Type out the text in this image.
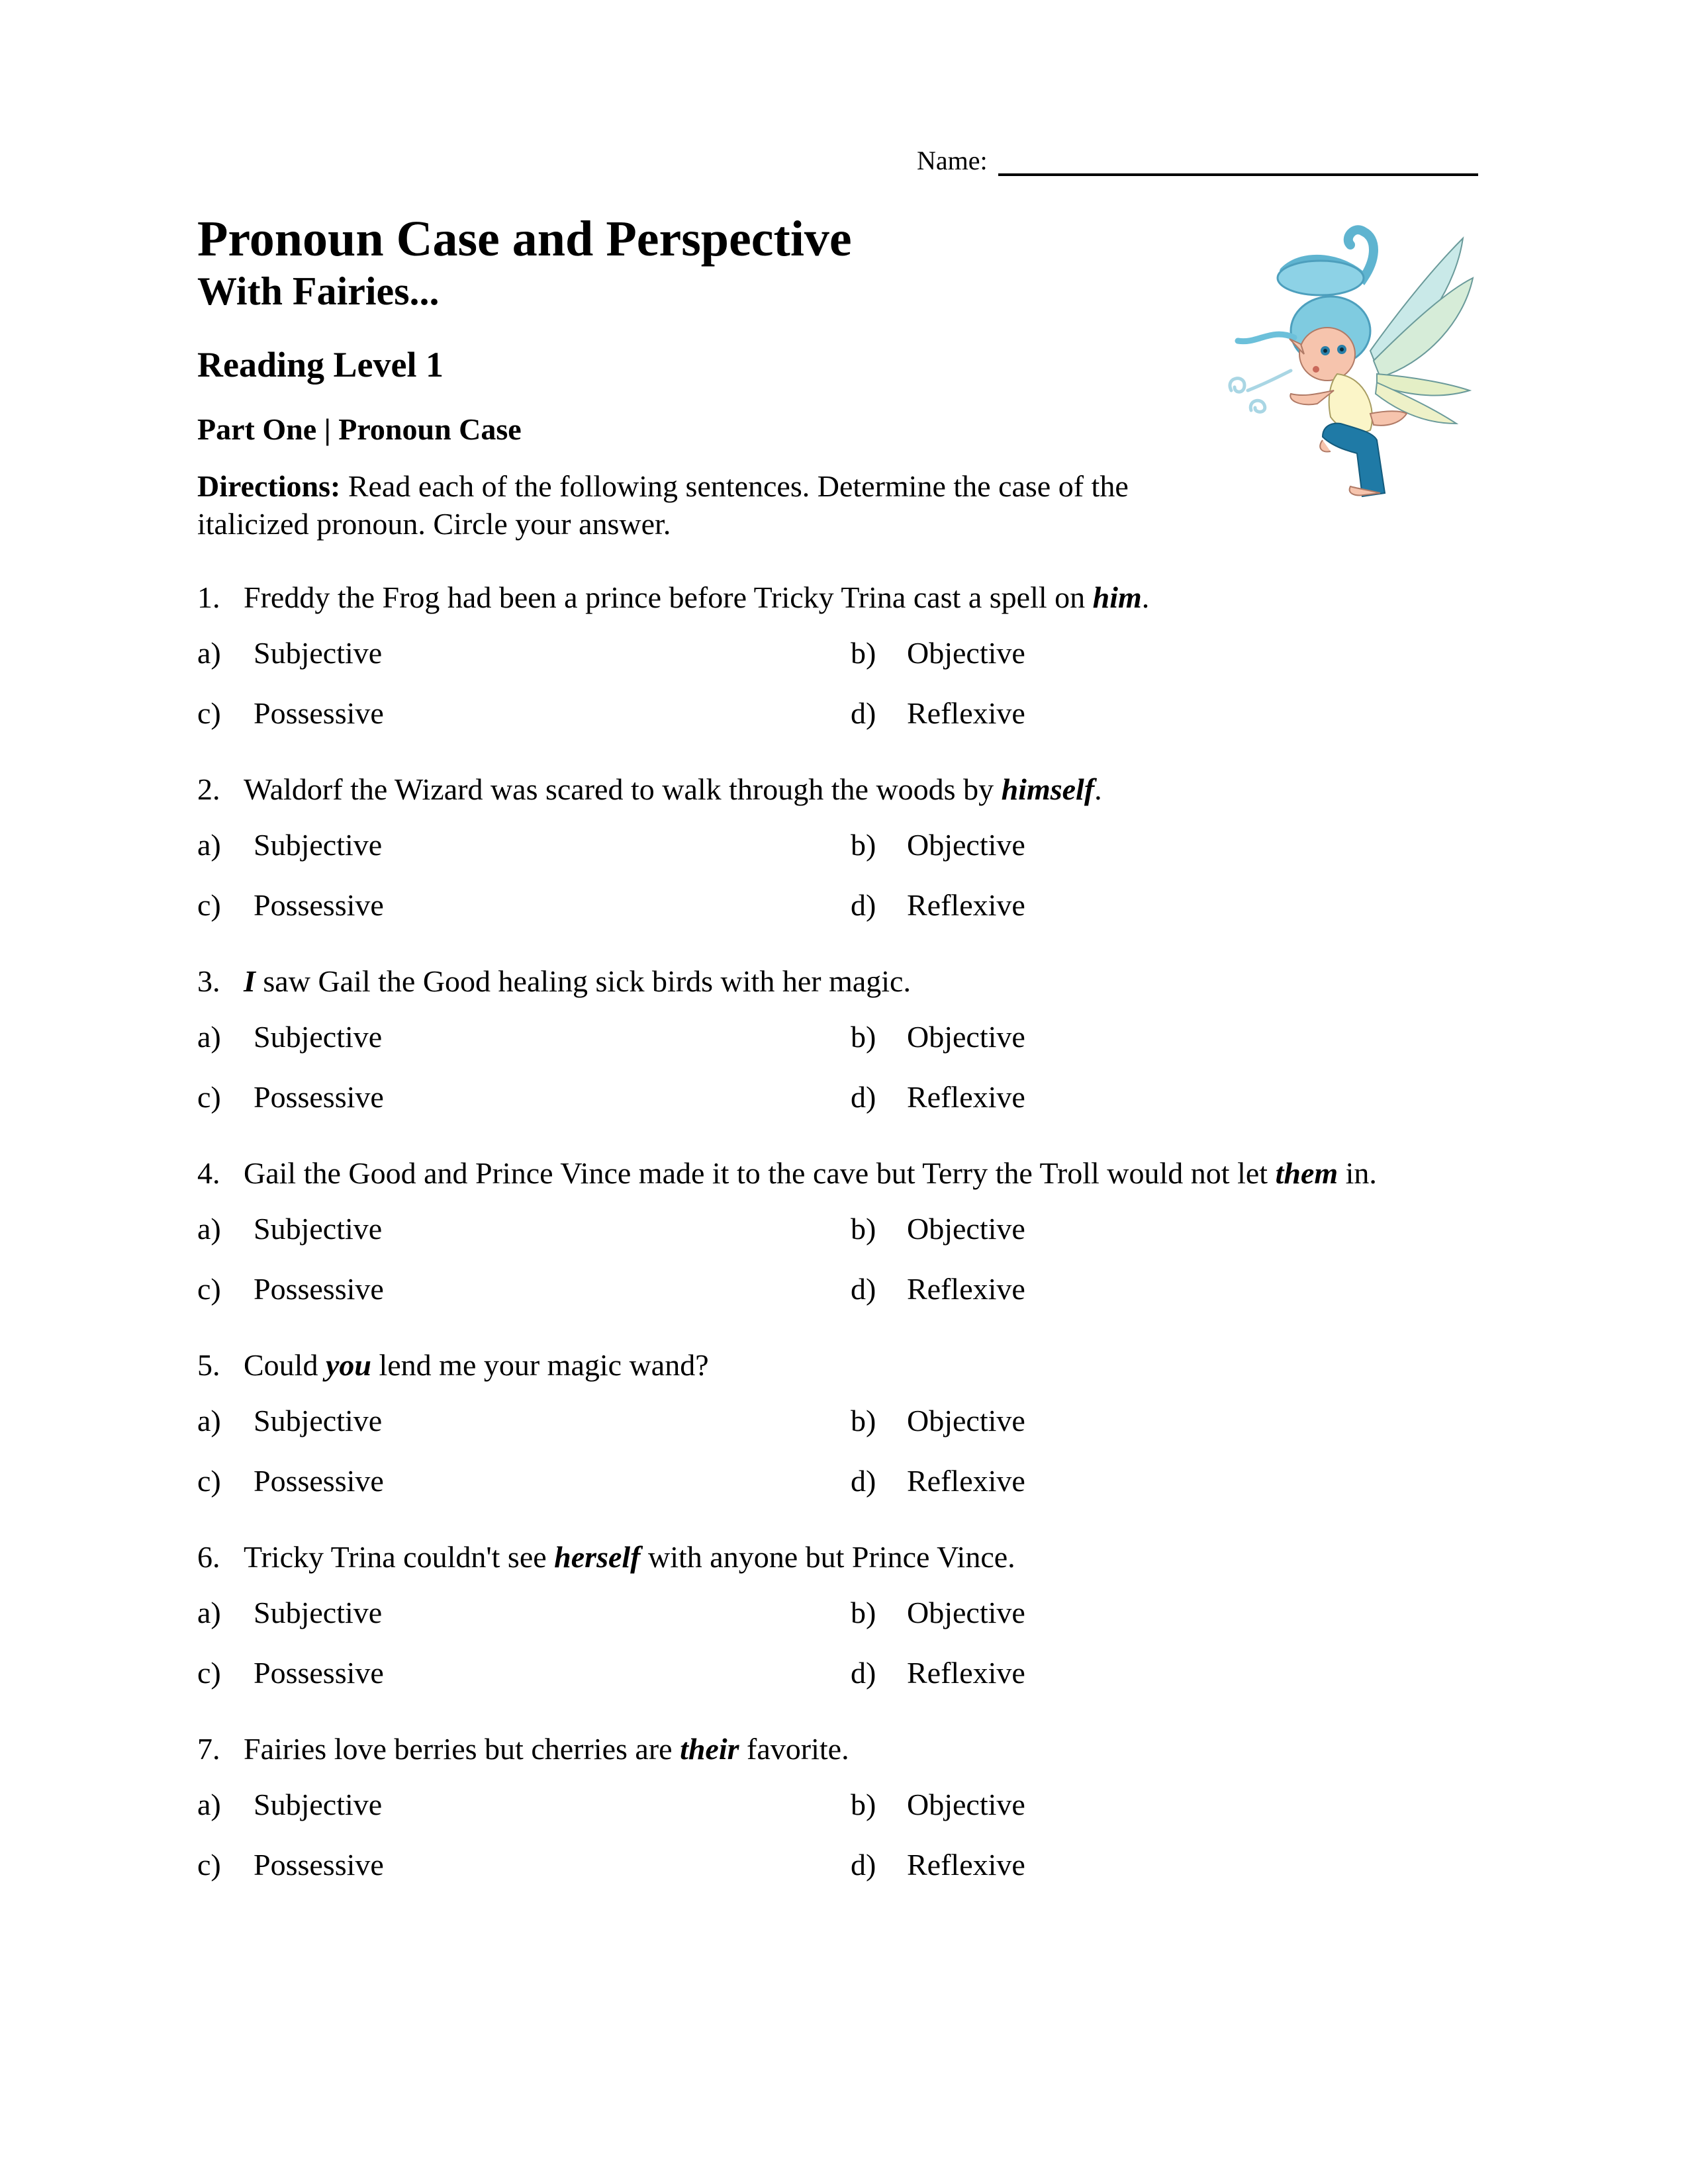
Name:
Pronoun Case and Perspective
With Fairies...
Reading Level 1
Part One | Pronoun Case
Directions: Read each of the following sentences. Determine the case of the italicized pronoun. Circle your answer.
1. Freddy the Frog had been a prince before Tricky Trina cast a spell on him.
a) Subjective	b) Objective
c) Possessive	d) Reflexive
2. Waldorf the Wizard was scared to walk through the woods by himself.
a) Subjective	b) Objective
c) Possessive	d) Reflexive
3. I saw Gail the Good healing sick birds with her magic.
a) Subjective	b) Objective
c) Possessive	d) Reflexive
4. Gail the Good and Prince Vince made it to the cave but Terry the Troll would not let them in.
a) Subjective	b) Objective
c) Possessive	d) Reflexive
5. Could you lend me your magic wand?
a) Subjective	b) Objective
c) Possessive	d) Reflexive
6. Tricky Trina couldn't see herself with anyone but Prince Vince.
a) Subjective	b) Objective
c) Possessive	d) Reflexive
7. Fairies love berries but cherries are their favorite.
a) Subjective	b) Objective
c) Possessive	d) Reflexive
